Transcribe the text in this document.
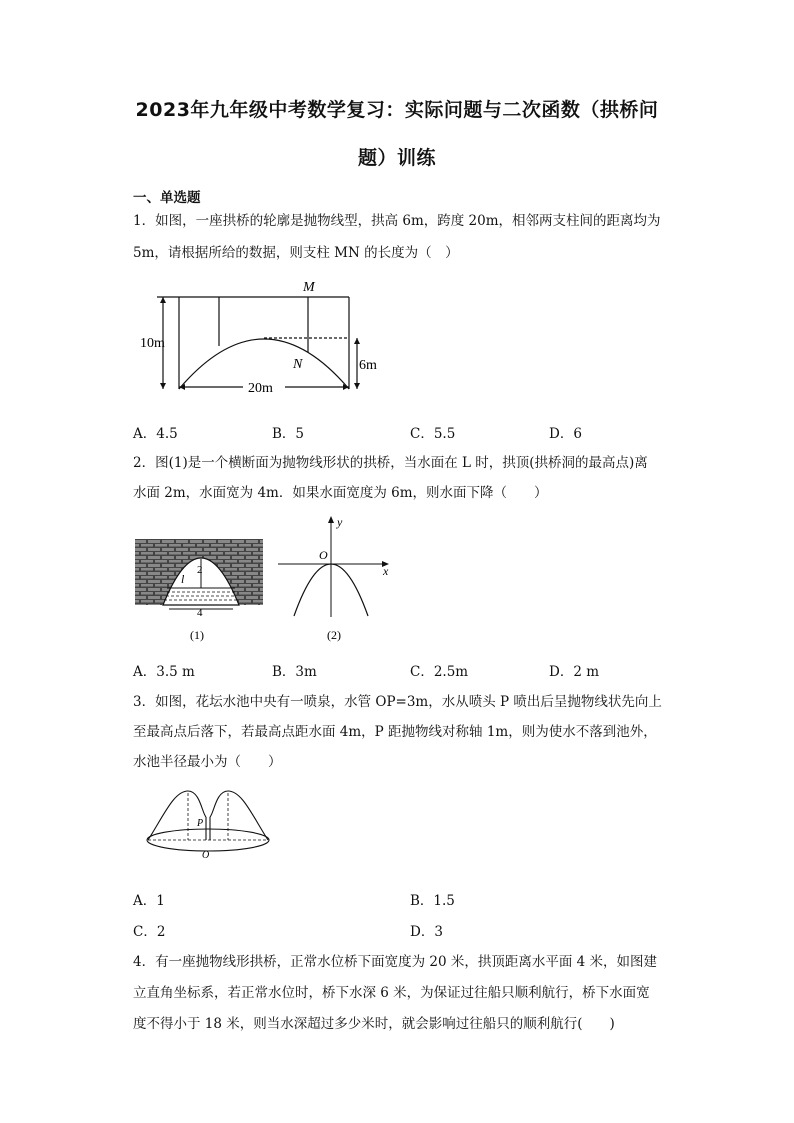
2023年九年级中考数学复习：实际问题与二次函数（拱桥问
题）训练
一、单选题
1．如图，一座拱桥的轮廓是抛物线型，拱高 6m，跨度 20m，相邻两支柱间的距离均为
5m，请根据所给的数据，则支柱 MN 的长度为（　）
M
N
10m
6m
20m
A．4.5	B．5	C．5.5	D．6
2．图(1)是一个横断面为抛物线形状的拱桥，当水面在 L 时，拱顶(拱桥洞的最高点)离
水面 2m，水面宽为 4m．如果水面宽度为 6m，则水面下降（　　）
2
l
4
(1)
y
x
O
(2)
A．3.5 m	B．3m	C．2.5m	D．2 m
3．如图，花坛水池中央有一喷泉，水管 OP=3m，水从喷头 P 喷出后呈抛物线状先向上
至最高点后落下，若最高点距水面 4m，P 距抛物线对称轴 1m，则为使水不落到池外，
水池半径最小为（　　）
P
O
A．1	B．1.5
C．2	D．3
4．有一座抛物线形拱桥，正常水位桥下面宽度为 20 米，拱顶距离水平面 4 米，如图建
立直角坐标系，若正常水位时，桥下水深 6 米，为保证过往船只顺利航行，桥下水面宽
度不得小于 18 米，则当水深超过多少米时，就会影响过往船只的顺利航行(　　)
